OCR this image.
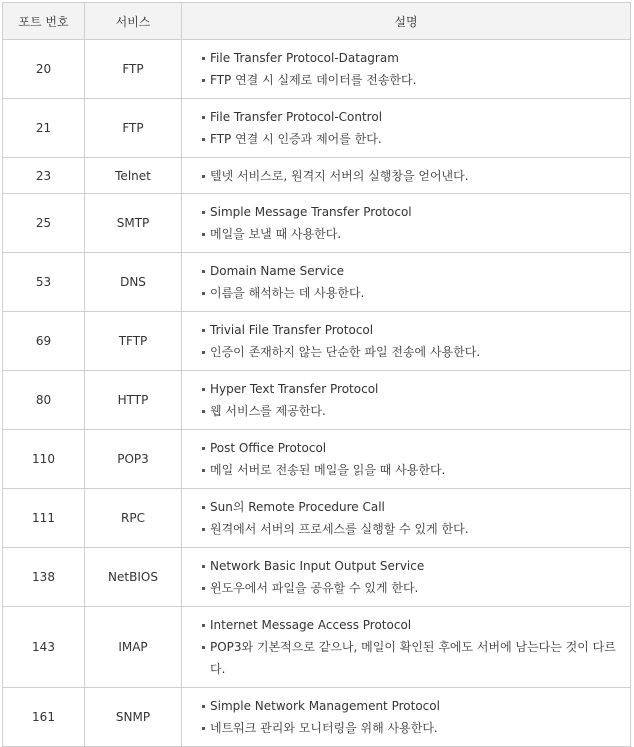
포트 번호	서비스	설명
20	FTP	File Transfer Protocol-Datagram
FTP 연결 시 실제로 데이터를 전송한다.

21	FTP	File Transfer Protocol-Control
FTP 연결 시 인증과 제어를 한다.

23	Telnet	텔넷 서비스로, 원격지 서버의 실행창을 얻어낸다.

25	SMTP	Simple Message Transfer Protocol
메일을 보낼 때 사용한다.

53	DNS	Domain Name Service
이름을 해석하는 데 사용한다.

69	TFTP	Trivial File Transfer Protocol
인증이 존재하지 않는 단순한 파일 전송에 사용한다.

80	HTTP	Hyper Text Transfer Protocol
웹 서비스를 제공한다.

110	POP3	Post Office Protocol
메일 서버로 전송된 메일을 읽을 때 사용한다.

111	RPC	Sun의 Remote Procedure Call
원격에서 서버의 프로세스를 실행할 수 있게 한다.

138	NetBIOS	Network Basic Input Output Service
윈도우에서 파일을 공유할 수 있게 한다.

143	IMAP	Internet Message Access Protocol
POP3와 기본적으로 같으나, 메일이 확인된 후에도 서버에 남는다는 것이 다르다.

161	SNMP	Simple Network Management Protocol
네트워크 관리와 모니터링을 위해 사용한다.
